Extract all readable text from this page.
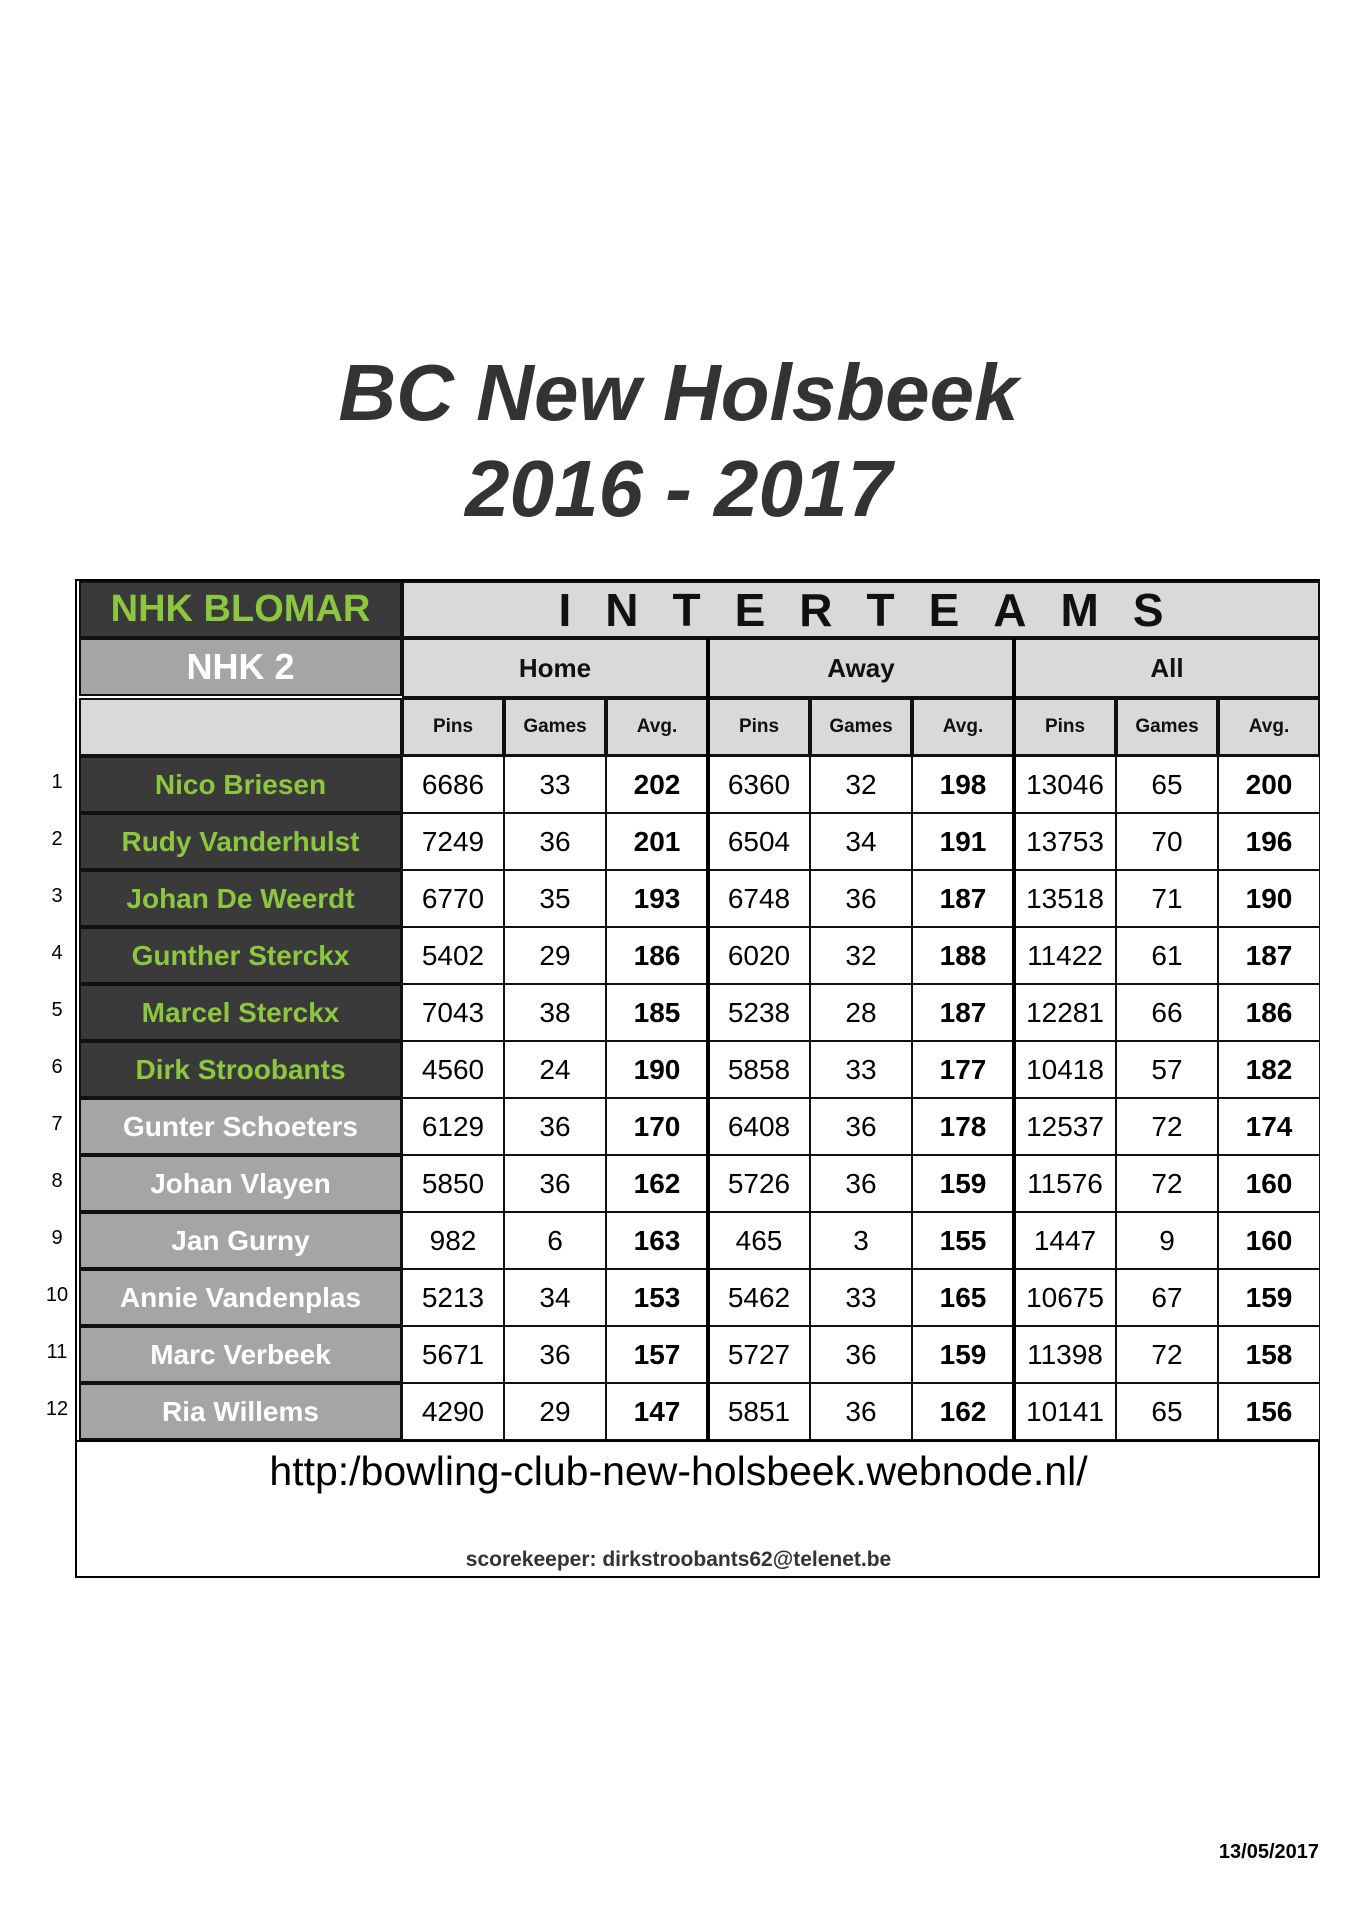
BC New Holsbeek
2016 - 2017
NHK BLOMAR
NHK 2
INTERTEAMS
Home	Away	All
Pins	Games	Avg.	Pins	Games	Avg.	Pins	Games	Avg.
Nico Briesen	6686	33	202	6360	32	198	13046	65	200
Rudy Vanderhulst	7249	36	201	6504	34	191	13753	70	196
Johan De Weerdt	6770	35	193	6748	36	187	13518	71	190
Gunther Sterckx	5402	29	186	6020	32	188	11422	61	187
Marcel Sterckx	7043	38	185	5238	28	187	12281	66	186
Dirk Stroobants	4560	24	190	5858	33	177	10418	57	182
Gunter Schoeters	6129	36	170	6408	36	178	12537	72	174
Johan Vlayen	5850	36	162	5726	36	159	11576	72	160
Jan Gurny	982	6	163	465	3	155	1447	9	160
Annie Vandenplas	5213	34	153	5462	33	165	10675	67	159
Marc Verbeek	5671	36	157	5727	36	159	11398	72	158
Ria Willems	4290	29	147	5851	36	162	10141	65	156
1
2
3
4
5
6
7
8
9
10
11
12
http:/bowling-club-new-holsbeek.webnode.nl/
scorekeeper: dirkstroobants62@telenet.be
13/05/2017
